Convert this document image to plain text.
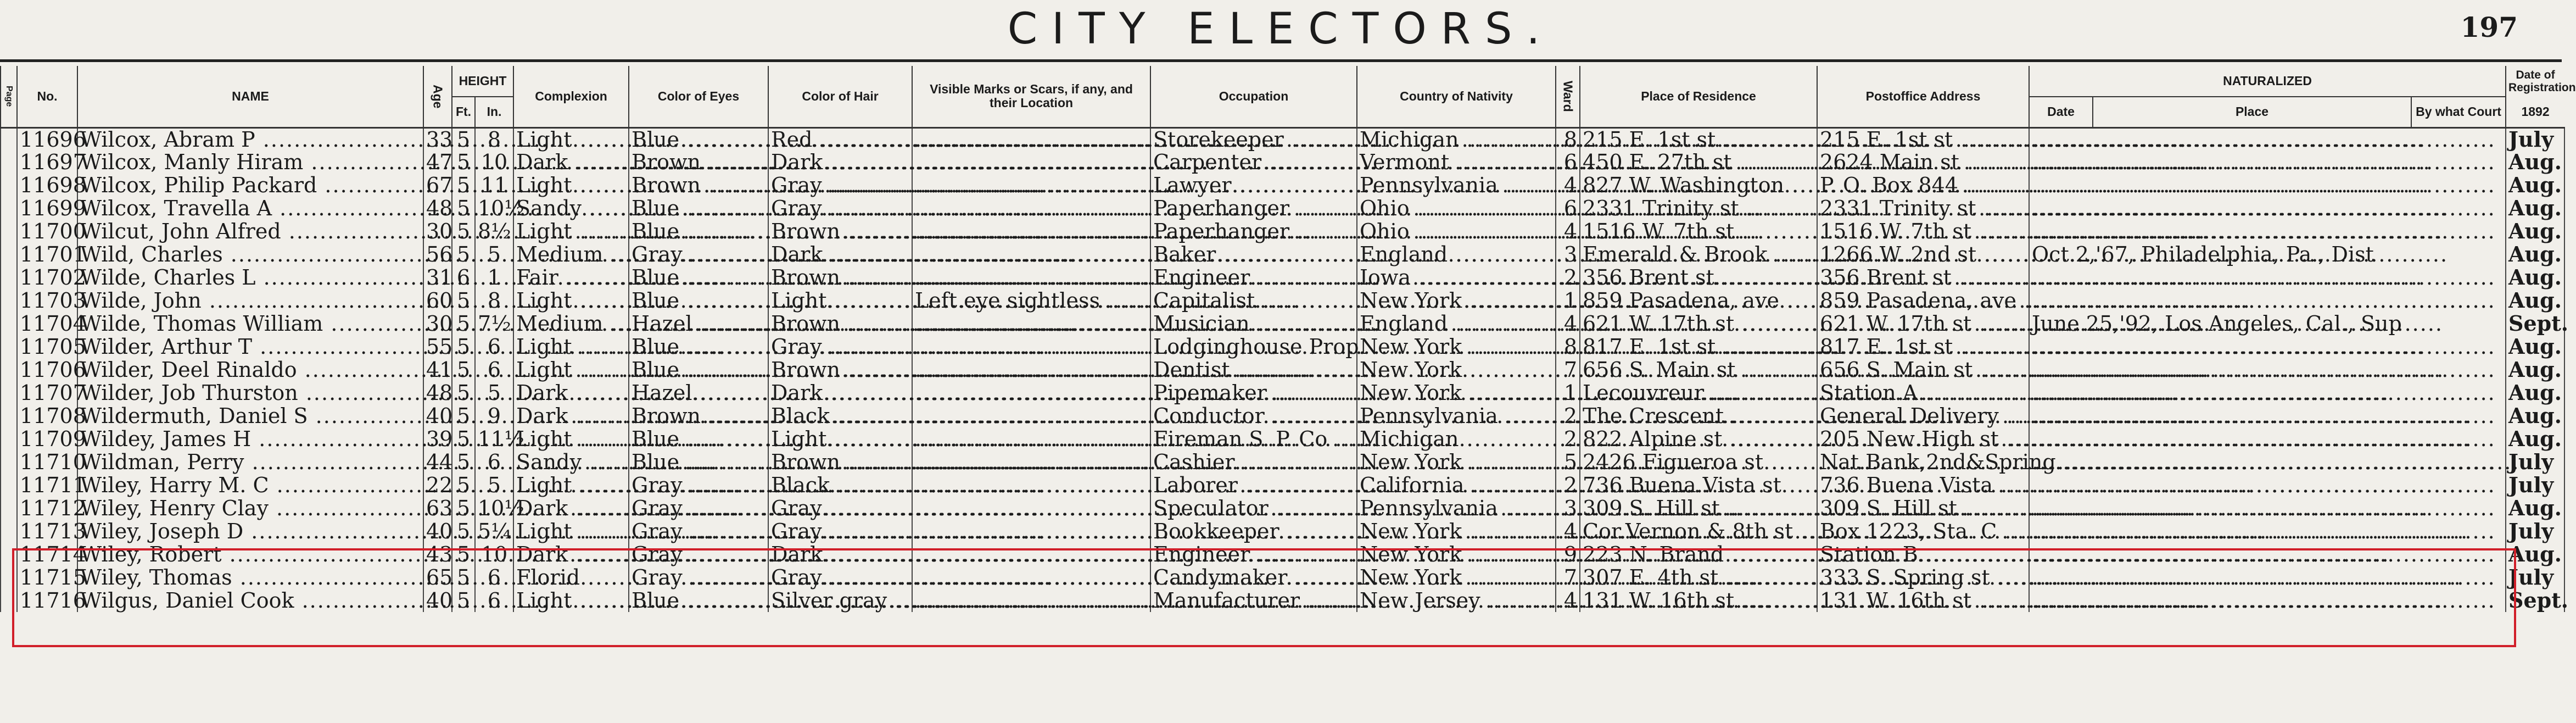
CITY ELECTORS.	197
Page	No.	NAME	Age	HEIGHT		Complexion	Color of Eyes	Color of Hair	Visible Marks or Scars, if any, and their Location	Occupation	Country of Nativity	Ward	Place of Residence	Postoffice Address	NATURALIZED			Date of Registration	
				Ft.	In.										Date	Place	By what Court	1892	
	11696	Wilcox, Abram P .....	33	5	8	Light .....	Blue .....	Red .....	.....	Storekeeper .....	Michigan .....	8	215 E. 1st st .....	215 E. 1st st .....	.....			July	
	11697	Wilcox, Manly Hiram .....	47	5	10	Dark .....	Brown .....	Dark .....	.....	Carpenter .....	Vermont .....	6	450 E. 27th st .....	2624 Main st .....	.....			Aug.	
	11698	Wilcox, Philip Packard .....	67	5	11	Light .....	Brown .....	Gray .....	.....	Lawyer .....	Pennsylvania .....	4	827 W. Washington .....	P. O. Box 844 .....	.....			Aug.	
	11699	Wilcox, Travella A .....	48	5	10½	Sandy .....	Blue .....	Gray .....	.....	Paperhanger .....	Ohio .....	6	2331 Trinity st .....	2331 Trinity st .....	.....			Aug.	
	11700	Wilcut, John Alfred .....	30	5	8½	Light .....	Blue .....	Brown .....	.....	Paperhanger .....	Ohio .....	4	1516 W. 7th st .....	1516 W. 7th st .....	.....			Aug.	
	11701	Wild, Charles .....	56	5	5	Medium .....	Gray .....	Dark .....	.....	Baker .....	England .....	3	Emerald & Brook .....	1266 W. 2nd st .....	Oct.2,'67, Philadelphia, Pa., Dist			Aug.	
	11702	Wilde, Charles L .....	31	6	1	Fair .....	Blue .....	Brown .....	.....	Engineer .....	Iowa .....	2	356 Brent st .....	356 Brent st .....	.....			Aug.	
	11703	Wilde, John .....	60	5	8	Light .....	Blue .....	Light .....	Left eye sightless .....	Capitalist .....	New York .....	1	859 Pasadena, ave .....	859 Pasadena, ave .....	.....			Aug.	
	11704	Wilde, Thomas William .....	30	5	7½	Medium .....	Hazel .....	Brown .....	.....	Musician .....	England .....	4	621 W. 17th st .....	621 W. 17th st .....	June 25,'92, Los Angeles, Cal., Sup			Sept.	
	11705	Wilder, Arthur T .....	55	5	6	Light .....	Blue .....	Gray .....	.....	Lodginghouse Prop. .....	New York .....	8	817 E. 1st st .....	817 E. 1st st .....	.....			Aug.	
	11706	Wilder, Deel Rinaldo .....	41	5	6	Light .....	Blue .....	Brown .....	.....	Dentist .....	New York .....	7	656 S. Main st .....	656 S. Main st .....	.....			Aug.	
	11707	Wilder, Job Thurston .....	48	5	5	Dark .....	Hazel .....	Dark .....	.....	Pipemaker .....	New York .....	1	Lecouvreur .....	Station A .....	.....			Aug.	
	11708	Wildermuth, Daniel S .....	40	5	9	Dark .....	Brown .....	Black .....	.....	Conductor .....	Pennsylvania .....	2	The Crescent .....	General Delivery .....	.....			Aug.	
	11709	Wildey, James H .....	39	5	11½	Light .....	Blue .....	Light .....	.....	Fireman S. P. Co .....	Michigan .....	2	822 Alpine st .....	205 New High st .....	.....			Aug.	
	11710	Wildman, Perry .....	44	5	6	Sandy .....	Blue .....	Brown .....	.....	Cashier .....	New York .....	5	2426 Figueroa st .....	Nat.Bank,2nd&Spring .....	.....			July	
	11711	Wiley, Harry M. C .....	22	5	5	Light .....	Gray .....	Black .....	.....	Laborer .....	California .....	2	736 Buena Vista st .....	736 Buena Vista .....	.....			July	
	11712	Wiley, Henry Clay .....	63	5	10½	Dark .....	Gray .....	Gray .....	.....	Speculator .....	Pennsylvania .....	3	309 S. Hill st .....	309 S. Hill st .....	.....			Aug.	
	11713	Wiley, Joseph D .....	40	5	5¼	Light .....	Gray .....	Gray .....	.....	Bookkeeper .....	New York .....	4	Cor.Vernon & 8th st .....	Box 1223, Sta. C .....	.....			July	
	11714	Wiley, Robert .....	43	5	10	Dark .....	Gray .....	Dark .....	.....	Engineer .....	New York .....	9	223 N. Brand .....	Station B .....	.....			Aug.	
	11715	Wiley, Thomas .....	65	5	6	Florid .....	Gray .....	Gray .....	.....	Candymaker .....	New York .....	7	307 E. 4th st .....	333 S. Spring st .....	.....			July	
	11716	Wilgus, Daniel Cook .....	40	5	6	Light .....	Blue .....	Silver gray .....	.....	Manufacturer .....	New Jersey .....	4	131 W. 16th st .....	131 W. 16th st .....	.....			Sept.	
